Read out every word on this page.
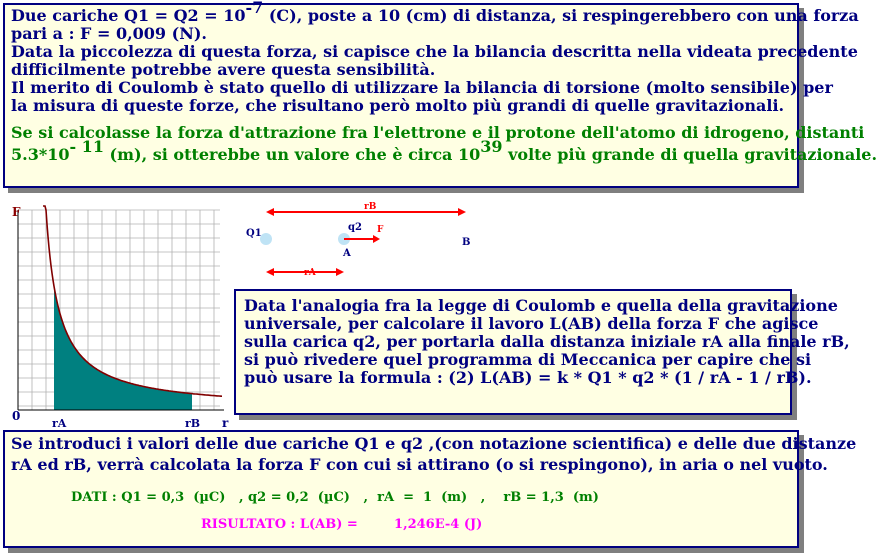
Due cariche $Q1 = Q2 = 10^{-7}$ (C), poste a 10 (cm) di distanza, si respingerebbero con una forza
pari a : F = 0,009 (N).
Data la piccolezza di questa forza, si capisce che la bilancia descritta nella videata precedente
difficilmente potrebbe avere questa sensibilità.
Il merito di Coulomb è stato quello di utilizzare la bilancia di torsione (molto sensibile) per
la misura di queste forze, che risultano però molto più grandi di quelle gravitazionali.
Se si calcolasse la forza d'attrazione fra l'elettrone e il protone dell'atomo di idrogeno, distanti
$5.3*10^{- 11}$ (m), si otterebbe un valore che è circa $10^{39}$ volte più grande di quella gravitazionale.
F
0	r
rA	rB
rB
Q1
q2
A
B
F
rA
Data l'analogia fra la legge di Coulomb e quella della gravitazione
universale, per calcolare il lavoro L(AB) della forza F che agisce
sulla carica q2, per portarla dalla distanza iniziale rA alla finale rB,
si può rivedere quel programma di Meccanica per capire che si
può usare la formula : (2) L(AB) = k * Q1 * q2 * (1 / rA - 1 / rB).
Se introduci i valori delle due cariche Q1 e q2 ,(con notazione scientifica) e delle due distanze
rA ed rB, verrà calcolata la forza F con cui si attirano (o si respingono), in aria o nel vuoto.
DATI : Q1 = 0,3  (µC)   , q2 = 0,2  (µC)   ,  rA  =  1  (m)   ,    rB = 1,3  (m)
RISULTATO : L(AB) =        1,246E-4 (J)
